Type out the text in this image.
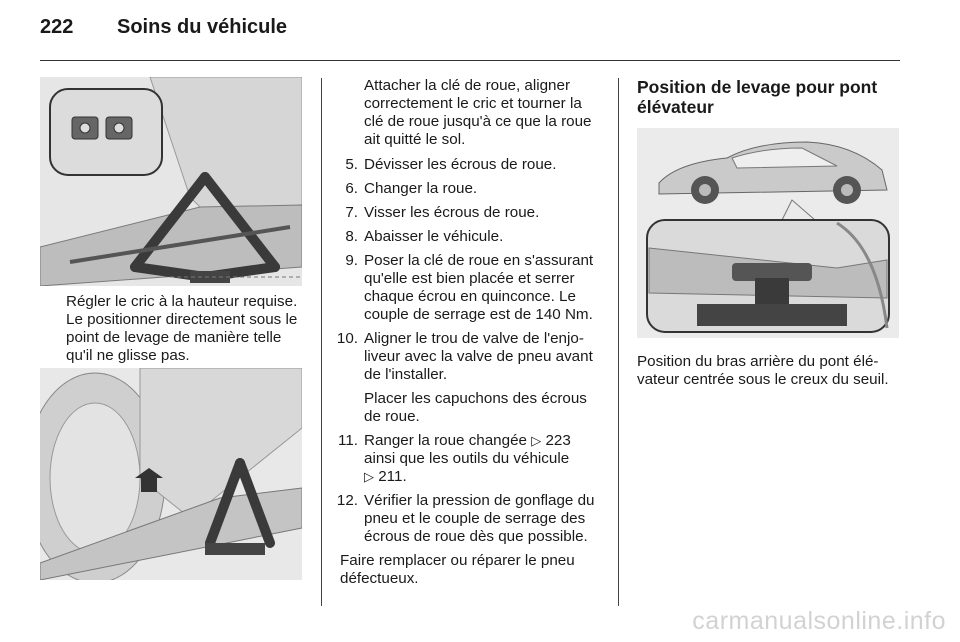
222 Soins du véhicule

Régler le cric à la hauteur requise. Le positionner directement sous le point de levage de manière telle qu'il ne glisse pas.

Attacher la clé de roue, aligner correctement le cric et tourner la clé de roue jusqu'à ce que la roue ait quitté le sol.

5. Dévisser les écrous de roue.

6. Changer la roue.

7. Visser les écrous de roue.

8. Abaisser le véhicule.

9. Poser la clé de roue en s'assurant qu'elle est bien placée et serrer chaque écrou en quinconce. Le couple de serrage est de 140 Nm.

10. Aligner le trou de valve de l'enjo-liveur avec la valve de pneu avant de l'installer.

Placer les capuchons des écrous de roue.

11. Ranger la roue changée ▷ 223
ainsi que les outils du véhicule
▷ 211.

12. Vérifier la pression de gonflage du pneu et le couple de serrage des écrous de roue dès que possible.

Faire remplacer ou réparer le pneu défectueux.

Position de levage pour pont élévateur

Position du bras arrière du pont élé-vateur centrée sous le creux du seuil.

carmanualsonline.info
